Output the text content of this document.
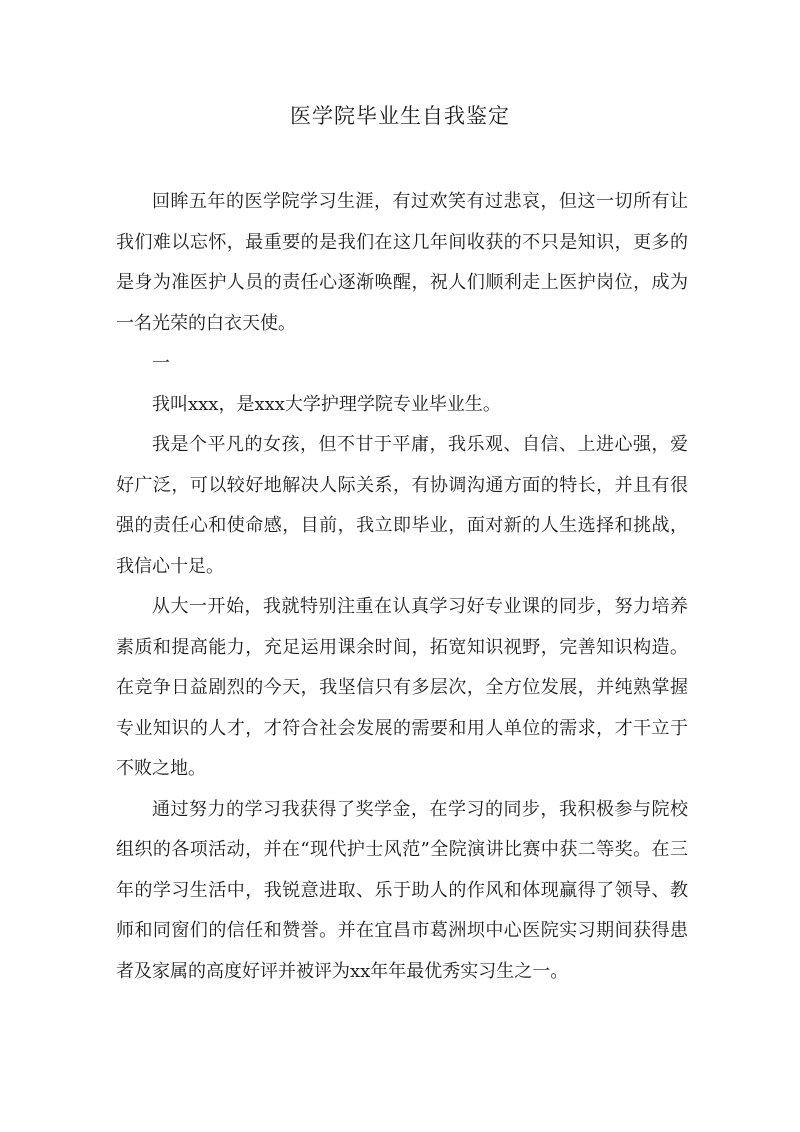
医学院毕业生自我鉴定

回眸五年的医学院学习生涯，有过欢笑有过悲哀，但这一切所有让我们难以忘怀，最重要的是我们在这几年间收获的不只是知识，更多的是身为准医护人员的责任心逐渐唤醒，祝人们顺利走上医护岗位，成为一名光荣的白衣天使。

一

我叫xxx，是xxx大学护理学院专业毕业生。

我是个平凡的女孩，但不甘于平庸，我乐观、自信、上进心强，爱好广泛，可以较好地解决人际关系，有协调沟通方面的特长，并且有很强的责任心和使命感，目前，我立即毕业，面对新的人生选择和挑战，我信心十足。

从大一开始，我就特别注重在认真学习好专业课的同步，努力培养素质和提高能力，充足运用课余时间，拓宽知识视野，完善知识构造。在竞争日益剧烈的今天，我坚信只有多层次，全方位发展，并纯熟掌握专业知识的人才，才符合社会发展的需要和用人单位的需求，才干立于不败之地。

通过努力的学习我获得了奖学金，在学习的同步，我积极参与院校组织的各项活动，并在“现代护士风范”全院演讲比赛中获二等奖。在三年的学习生活中，我锐意进取、乐于助人的作风和体现赢得了领导、教师和同窗们的信任和赞誉。并在宜昌市葛洲坝中心医院实习期间获得患者及家属的高度好评并被评为xx年年最优秀实习生之一。
